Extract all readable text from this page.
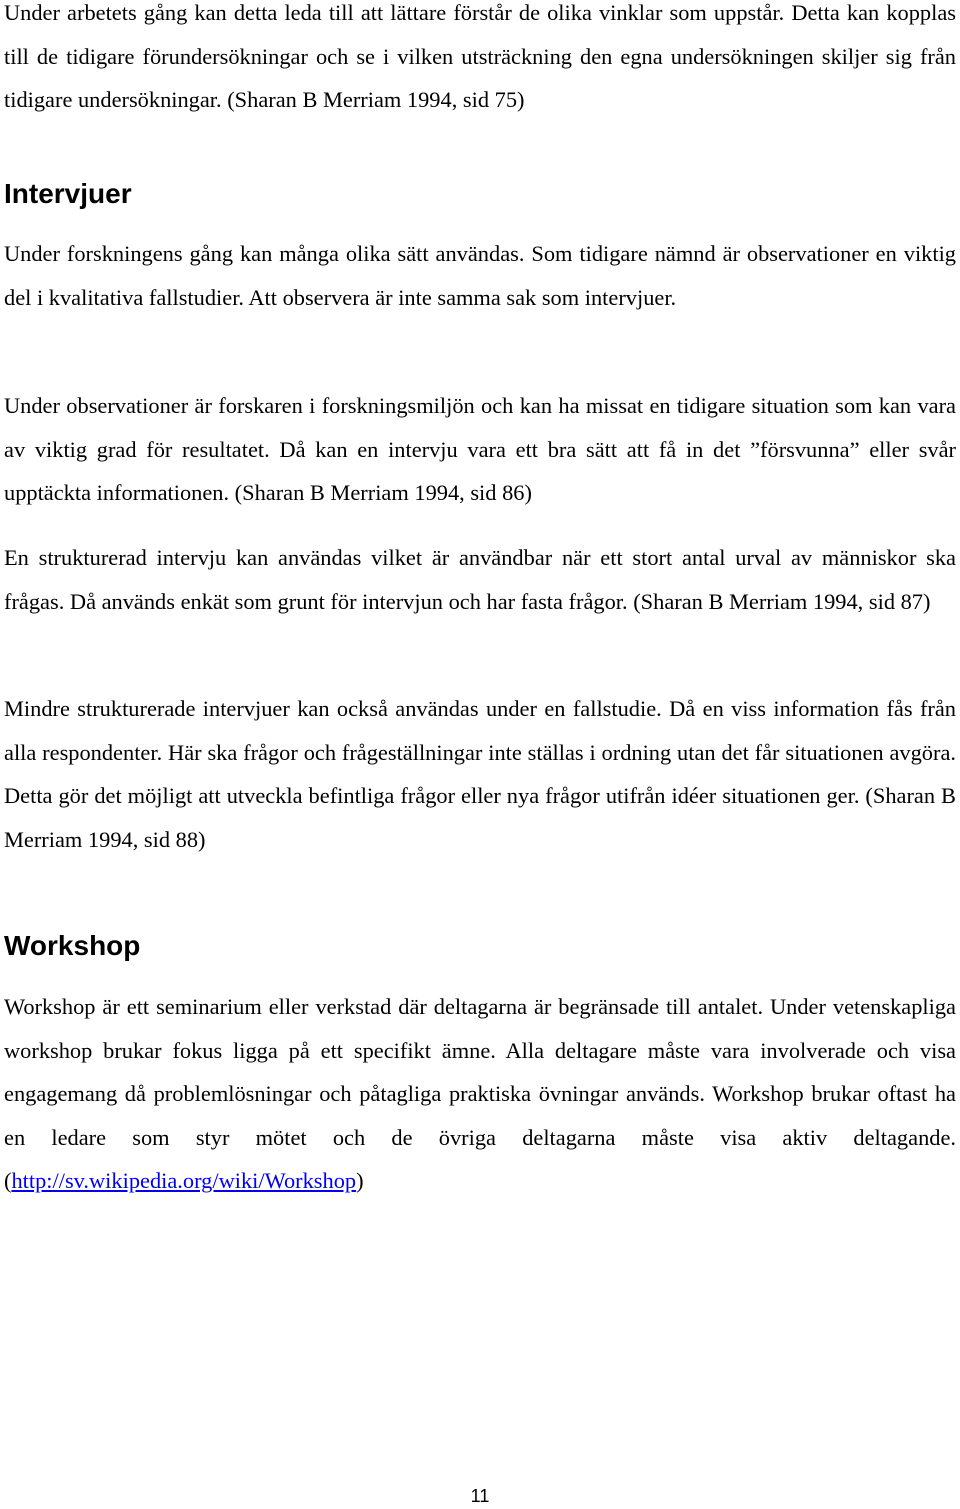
Under arbetets gång kan detta leda till att lättare förstår de olika vinklar som uppstår. Detta kan kopplas till de tidigare förundersökningar och se i vilken utsträckning den egna undersökningen skiljer sig från tidigare undersökningar. (Sharan B Merriam 1994, sid 75)

Intervjuer

Under forskningens gång kan många olika sätt användas. Som tidigare nämnd är observationer en viktig del i kvalitativa fallstudier. Att observera är inte samma sak som intervjuer.

Under observationer är forskaren i forskningsmiljön och kan ha missat en tidigare situation som kan vara av viktig grad för resultatet. Då kan en intervju vara ett bra sätt att få in det ”försvunna” eller svår upptäckta informationen. (Sharan B Merriam 1994, sid 86)

En strukturerad intervju kan användas vilket är användbar när ett stort antal urval av människor ska frågas. Då används enkät som grunt för intervjun och har fasta frågor. (Sharan B Merriam 1994, sid 87)

Mindre strukturerade intervjuer kan också användas under en fallstudie. Då en viss information fås från alla respondenter. Här ska frågor och frågeställningar inte ställas i ordning utan det får situationen avgöra. Detta gör det möjligt att utveckla befintliga frågor eller nya frågor utifrån idéer situationen ger. (Sharan B Merriam 1994, sid 88)

Workshop

Workshop är ett seminarium eller verkstad där deltagarna är begränsade till antalet. Under vetenskapliga workshop brukar fokus ligga på ett specifikt ämne. Alla deltagare måste vara involverade och visa engagemang då problemlösningar och påtagliga praktiska övningar används. Workshop brukar oftast ha en ledare som styr mötet och de övriga deltagarna måste visa aktiv deltagande.(http://sv.wikipedia.org/wiki/Workshop)

11
